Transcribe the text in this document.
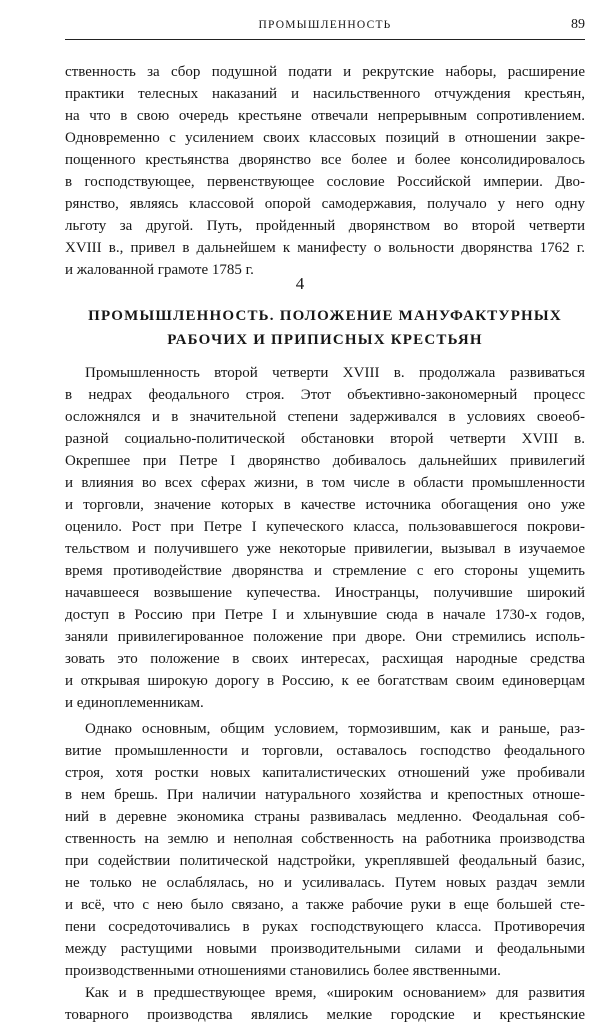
ПРОМЫШЛЕННОСТЬ	89
ственность за сбор подушной подати и рекрутские наборы, расширение
практики телесных наказаний и насильственного отчуждения крестьян,
на что в свою очередь крестьяне отвечали непрерывным сопротивлением.
Одновременно с усилением своих классовых позиций в отношении закре-
пощенного крестьянства дворянство все более и более консолидировалось
в господствующее, первенствующее сословие Российской империи. Дво-
рянство, являясь классовой опорой самодержавия, получало у него одну
льготу за другой. Путь, пройденный дворянством во второй четверти
XVIII в., привел в дальнейшем к манифесту о вольности дворянства 1762 г.
и жалованной грамоте 1785 г.
4
ПРОМЫШЛЕННОСТЬ. ПОЛОЖЕНИЕ МАНУФАКТУРНЫХ
РАБОЧИХ И ПРИПИСНЫХ КРЕСТЬЯН
Промышленность второй четверти XVIII в. продолжала развиваться
в недрах феодального строя. Этот объективно-закономерный процесс
осложнялся и в значительной степени задерживался в условиях своеоб-
разной социально-политической обстановки второй четверти XVIII в.
Окрепшее при Петре I дворянство добивалось дальнейших привилегий
и влияния во всех сферах жизни, в том числе в области промышленности
и торговли, значение которых в качестве источника обогащения оно уже
оценило. Рост при Петре I купеческого класса, пользовавшегося покрови-
тельством и получившего уже некоторые привилегии, вызывал в изучаемое
время противодействие дворянства и стремление с его стороны ущемить
начавшееся возвышение купечества. Иностранцы, получившие широкий
доступ в Россию при Петре I и хлынувшие сюда в начале 1730-х годов,
заняли привилегированное положение при дворе. Они стремились исполь-
зовать это положение в своих интересах, расхищая народные средства
и открывая широкую дорогу в Россию, к ее богатствам своим единоверцам
и единоплеменникам.
Однако основным, общим условием, тормозившим, как и раньше, раз-
витие промышленности и торговли, оставалось господство феодального
строя, хотя ростки новых капиталистических отношений уже пробивали
в нем брешь. При наличии натурального хозяйства и крепостных отноше-
ний в деревне экономика страны развивалась медленно. Феодальная соб-
ственность на землю и неполная собственность на работника производства
при содействии политической надстройки, укреплявшей феодальный базис,
не только не ослаблялась, но и усиливалась. Путем новых раздач земли
и всё, что с нею было связано, а также рабочие руки в еще большей сте-
пени сосредоточивались в руках господствующего класса. Противоречия
между растущими новыми производительными силами и феодальными
производственными отношениями становились более явственными.
Как и в предшествующее время, «широким основанием» для развития
товарного производства являлись мелкие городские и крестьянские
